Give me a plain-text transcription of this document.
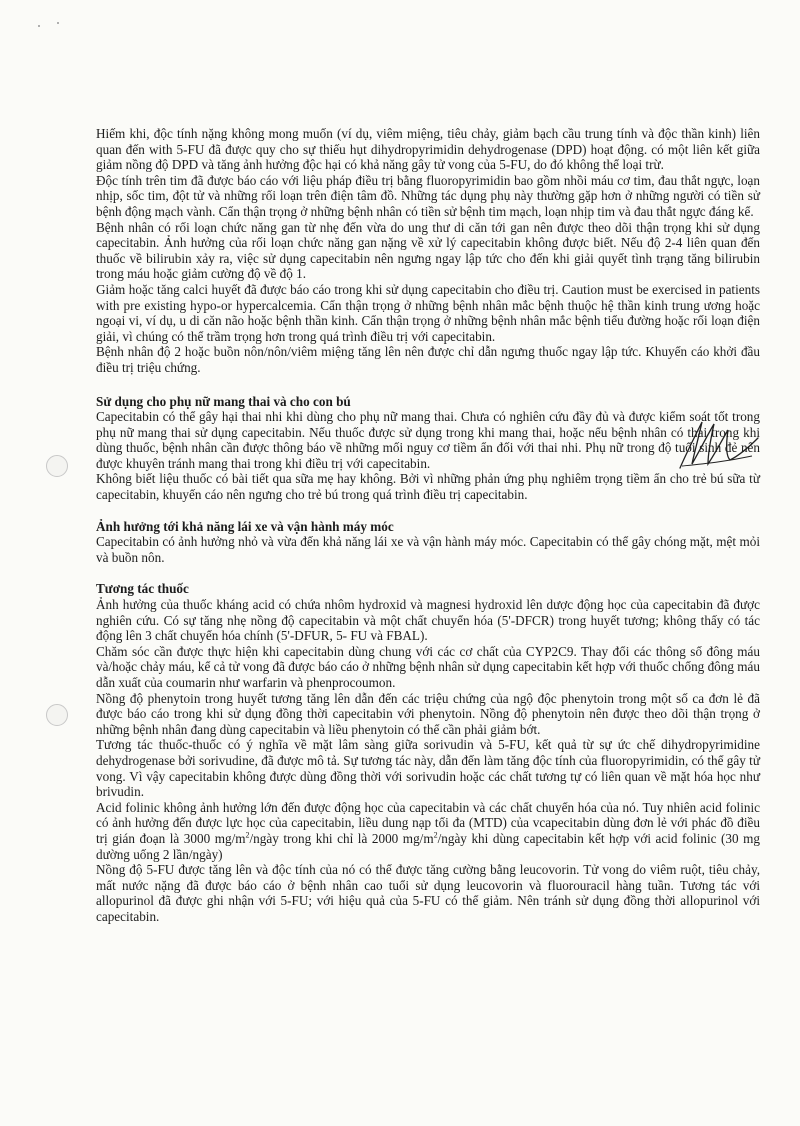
Hiếm khi, độc tính nặng không mong muốn (ví dụ, viêm miệng, tiêu chảy, giảm bạch cầu trung tính và độc thần kinh) liên quan đến with 5-FU đã được quy cho sự thiếu hụt dihydropyrimidin dehydrogenase (DPD) hoạt động. có một liên kết giữa giảm nồng độ DPD và tăng ảnh hưởng độc hại có khả năng gây tử vong của 5-FU, do đó không thể loại trừ.

Độc tính trên tim đã được báo cáo với liệu pháp điều trị bằng fluoropyrimidin bao gồm nhồi máu cơ tim, đau thắt ngực, loạn nhịp, sốc tim, đột tử và những rối loạn trên điện tâm đồ. Những tác dụng phụ này thường gặp hơn ở những người có tiền sử bệnh động mạch vành. Cẩn thận trọng ở những bệnh nhân có tiền sử bệnh tim mạch, loạn nhịp tim và đau thắt ngực đáng kể.

Bệnh nhân có rối loạn chức năng gan từ nhẹ đến vừa do ung thư di căn tới gan nên được theo dõi thận trọng khi sử dụng capecitabin. Ảnh hưởng của rối loạn chức năng gan nặng về xử lý capecitabin không được biết. Nếu độ 2-4 liên quan đến thuốc về bilirubin xảy ra, việc sử dụng capecitabin nên ngưng ngay lập tức cho đến khi giải quyết tình trạng tăng bilirubin trong máu hoặc giảm cường độ về độ 1.

Giảm hoặc tăng calci huyết đã được báo cáo trong khi sử dụng capecitabin cho điều trị. Caution must be exercised in patients with pre existing hypo-or hypercalcemia. Cẩn thận trọng ở những bệnh nhân mắc bệnh thuộc hệ thần kinh trung ương hoặc ngoại vi, ví dụ, u di căn não hoặc bệnh thần kinh. Cẩn thận trọng ở những bệnh nhân mắc bệnh tiểu đường hoặc rối loạn điện giải, vì chúng có thể trầm trọng hơn trong quá trình điều trị với capecitabin.

Bệnh nhân độ 2 hoặc buồn nôn/nôn/viêm miệng tăng lên nên được chỉ dẫn ngưng thuốc ngay lập tức. Khuyến cáo khởi đầu điều trị triệu chứng.

Sử dụng cho phụ nữ mang thai và cho con bú

Capecitabin có thể gây hại thai nhi khi dùng cho phụ nữ mang thai. Chưa có nghiên cứu đầy đủ và được kiểm soát tốt trong phụ nữ mang thai sử dụng capecitabin. Nếu thuốc được sử dụng trong khi mang thai, hoặc nếu bệnh nhân có thai trong khi dùng thuốc, bệnh nhân cần được thông báo về những mối nguy cơ tiềm ẩn đối với thai nhi. Phụ nữ trong độ tuổi sinh đẻ nên được khuyên tránh mang thai trong khi điều trị với capecitabin.

Không biết liệu thuốc có bài tiết qua sữa mẹ hay không. Bởi vì những phản ứng phụ nghiêm trọng tiềm ẩn cho trẻ bú sữa từ capecitabin, khuyến cáo nên ngưng cho trẻ bú trong quá trình điều trị capecitabin.

Ảnh hưởng tới khả năng lái xe và vận hành máy móc

Capecitabin có ảnh hưởng nhỏ và vừa đến khả năng lái xe và vận hành máy móc. Capecitabin có thể gây chóng mặt, mệt mỏi và buồn nôn.

Tương tác thuốc

Ảnh hưởng của thuốc kháng acid có chứa nhôm hydroxid và magnesi hydroxid lên dược động học của capecitabin đã được nghiên cứu. Có sự tăng nhẹ nồng độ capecitabin và một chất chuyển hóa (5'-DFCR) trong huyết tương; không thấy có tác động lên 3 chất chuyển hóa chính (5'-DFUR, 5- FU và FBAL).

Chăm sóc cần được thực hiện khi capecitabin dùng chung với các cơ chất của CYP2C9. Thay đổi các thông số đông máu và/hoặc chảy máu, kể cả tử vong đã được báo cáo ở những bệnh nhân sử dụng capecitabin kết hợp với thuốc chống đông máu dẫn xuất của coumarin như warfarin và phenprocoumon.

Nồng độ phenytoin trong huyết tương tăng lên dẫn đến các triệu chứng của ngộ độc phenytoin trong một số ca đơn lẻ đã được báo cáo trong khi sử dụng đồng thời capecitabin với phenytoin. Nồng độ phenytoin nên được theo dõi thận trọng ở những bệnh nhân đang dùng capecitabin và liều phenytoin có thể cần phải giảm bớt.

Tương tác thuốc-thuốc có ý nghĩa về mặt lâm sàng giữa sorivudin và 5-FU, kết quả từ sự ức chế dihydropyrimidine dehydrogenase bởi sorivudine, đã được mô tả. Sự tương tác này, dẫn đến làm tăng độc tính của fluoropyrimidin, có thể gây tử vong. Vì vậy capecitabin không được dùng đồng thời với sorivudin hoặc các chất tương tự có liên quan về mặt hóa học như brivudin.

Acid folinic không ảnh hưởng lớn đến được động học của capecitabin và các chất chuyển hóa của nó. Tuy nhiên acid folinic có ảnh hưởng đến được lực học của capecitabin, liều dung nạp tối đa (MTD) của vcapecitabin dùng đơn lẻ với phác đồ điều trị gián đoạn là 3000 $mg/m^2$/ngày trong khi chỉ là 2000 $mg/m^2$/ngày khi dùng capecitabin kết hợp với acid folinic (30 mg dường uống 2 lần/ngày)

Nồng độ 5-FU được tăng lên và độc tính của nó có thể được tăng cường bằng leucovorin. Tử vong do viêm ruột, tiêu chảy, mất nước nặng đã được báo cáo ở bệnh nhân cao tuổi sử dụng leucovorin và fluorouracil hàng tuần. Tương tác với allopurinol đã được ghi nhận với 5-FU; với hiệu quả của 5-FU có thể giảm. Nên tránh sử dụng đồng thời allopurinol với capecitabin.
